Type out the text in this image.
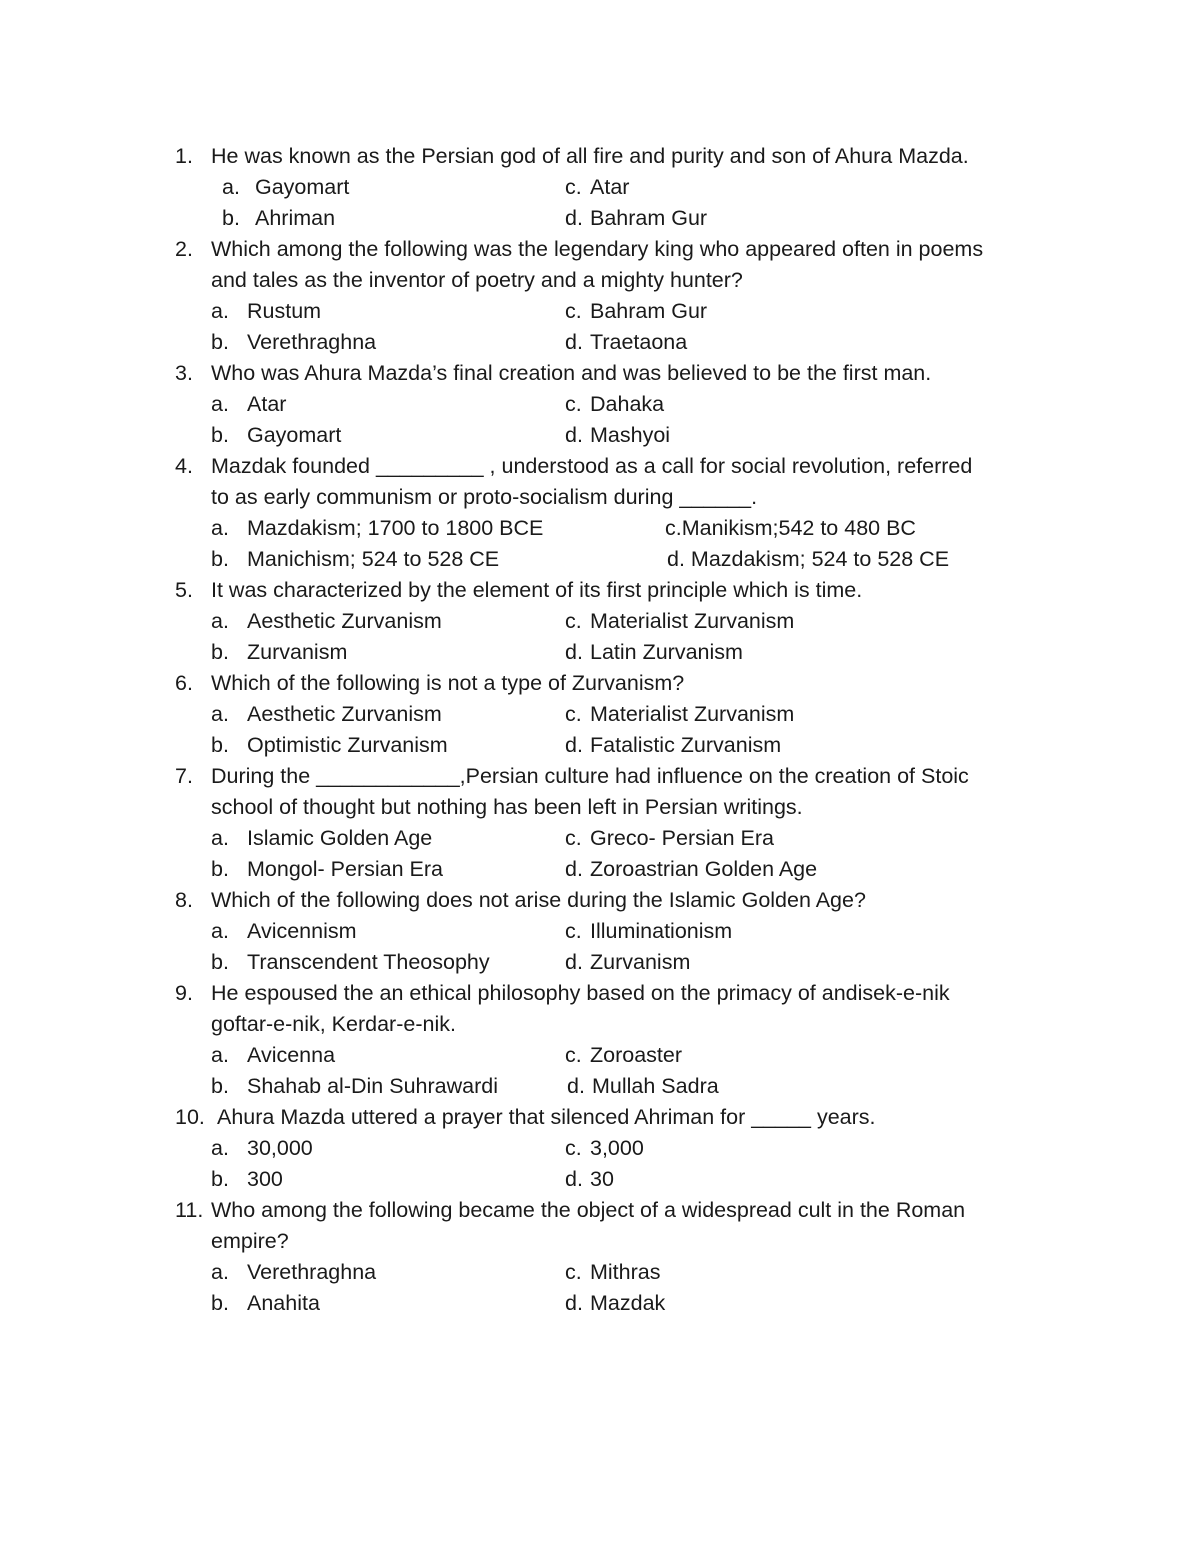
1. He was known as the Persian god of all fire and purity and son of Ahura Mazda.
a. Gayomart	c. Atar
b. Ahriman	d. Bahram Gur
2. Which among the following was the legendary king who appeared often in poems
and tales as the inventor of poetry and a mighty hunter?
a. Rustum	c. Bahram Gur
b. Verethraghna	d. Traetaona
3. Who was Ahura Mazda’s final creation and was believed to be the first man.
a. Atar	c. Dahaka
b. Gayomart	d. Mashyoi
4. Mazdak founded _________ , understood as a call for social revolution, referred
to as early communism or proto-socialism during ______.
a. Mazdakism; 1700 to 1800 BCE	c.Manikism;542 to 480 BC
b. Manichism; 524 to 528 CE	d. Mazdakism; 524 to 528 CE
5. It was characterized by the element of its first principle which is time.
a. Aesthetic Zurvanism	c. Materialist Zurvanism
b. Zurvanism	d. Latin Zurvanism
6. Which of the following is not a type of Zurvanism?
a. Aesthetic Zurvanism	c. Materialist Zurvanism
b. Optimistic Zurvanism	d. Fatalistic Zurvanism
7. During the ____________,Persian culture had influence on the creation of Stoic
school of thought but nothing has been left in Persian writings.
a. Islamic Golden Age	c. Greco- Persian Era
b. Mongol- Persian Era	d. Zoroastrian Golden Age
8. Which of the following does not arise during the Islamic Golden Age?
a. Avicennism	c. Illuminationism
b. Transcendent Theosophy	d. Zurvanism
9. He espoused the an ethical philosophy based on the primacy of andisek-e-nik
goftar-e-nik, Kerdar-e-nik.
a. Avicenna	c. Zoroaster
b. Shahab al-Din Suhrawardi	d. Mullah Sadra
10. Ahura Mazda uttered a prayer that silenced Ahriman for _____ years.
a. 30,000	c. 3,000
b. 300	d. 30
11. Who among the following became the object of a widespread cult in the Roman
empire?
a. Verethraghna	c. Mithras
b. Anahita	d. Mazdak
